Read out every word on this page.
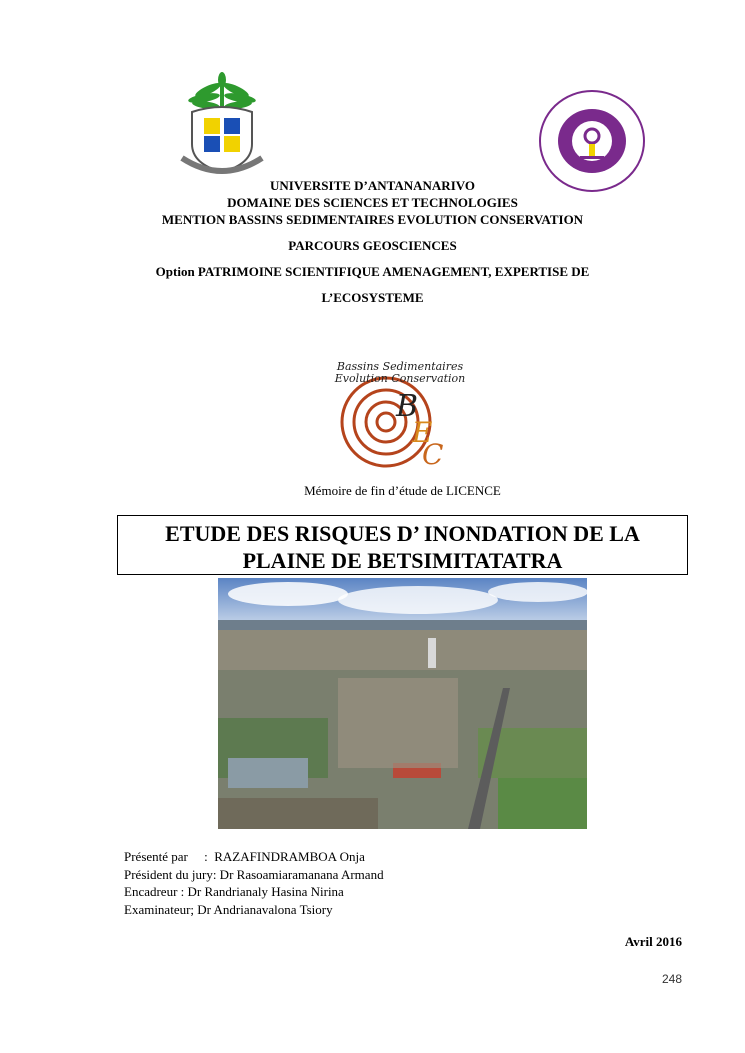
UNIVERSITE D’ANTANANARIVO
DOMAINE DES SCIENCES ET TECHNOLOGIES
MENTION BASSINS SEDIMENTAIRES EVOLUTION CONSERVATION
PARCOURS GEOSCIENCES
Option PATRIMOINE SCIENTIFIQUE AMENAGEMENT, EXPERTISE DE
L’ECOSYSTEME
Bassins Sedimentaires
Evolution Conservation
B
E
C
Mémoire de fin d’étude de LICENCE
ETUDE DES RISQUES D’ INONDATION DE LA
PLAINE DE BETSIMITATATRA
Présenté par     :  RAZAFINDRAMBOA Onja
Président du jury: Dr Rasoamiaramanana Armand
Encadreur : Dr Randrianaly Hasina Nirina
Examinateur; Dr Andrianavalona Tsiory
Avril 2016
248
